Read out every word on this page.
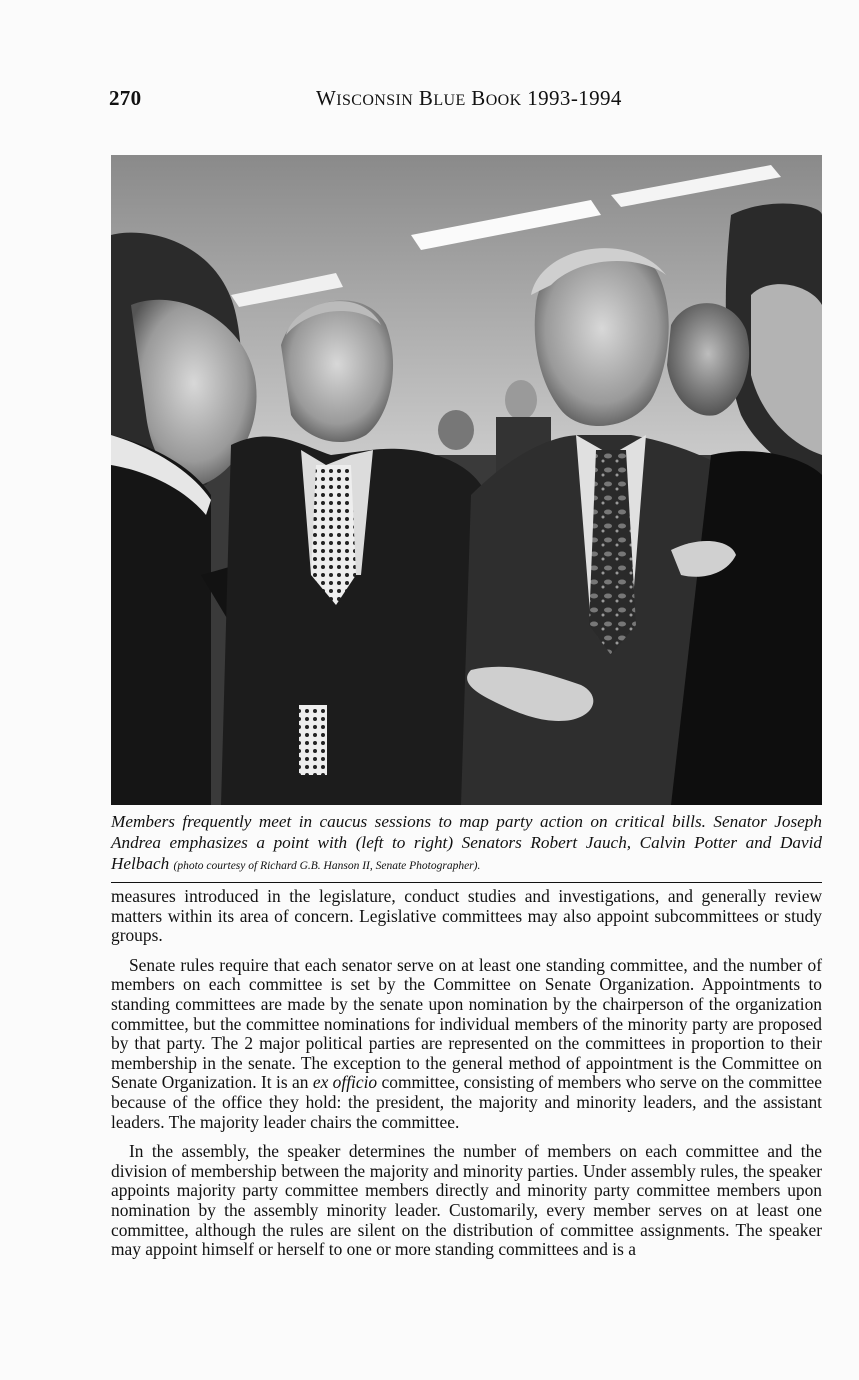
270	WISCONSIN BLUE BOOK 1993-1994
Members frequently meet in caucus sessions to map party action on critical bills. Senator Joseph Andrea emphasizes a point with (left to right) Senators Robert Jauch, Calvin Potter and David Helbach (photo courtesy of Richard G.B. Hanson II, Senate Photographer).

measures introduced in the legislature, conduct studies and investigations, and generally review matters within its area of concern. Legislative committees may also appoint subcommittees or study groups.

Senate rules require that each senator serve on at least one standing committee, and the number of members on each committee is set by the Committee on Senate Organization. Appointments to standing committees are made by the senate upon nomination by the chairperson of the organization committee, but the committee nominations for individual members of the minority party are proposed by that party. The 2 major political parties are represented on the committees in proportion to their membership in the senate. The exception to the general method of appointment is the Committee on Senate Organization. It is an ex officio committee, consisting of members who serve on the committee because of the office they hold: the president, the majority and minority leaders, and the assistant leaders. The majority leader chairs the committee.

In the assembly, the speaker determines the number of members on each committee and the division of membership between the majority and minority parties. Under assembly rules, the speaker appoints majority party committee members directly and minority party committee members upon nomination by the assembly minority leader. Customarily, every member serves on at least one committee, although the rules are silent on the distribution of committee assignments. The speaker may appoint himself or herself to one or more standing committees and is a
